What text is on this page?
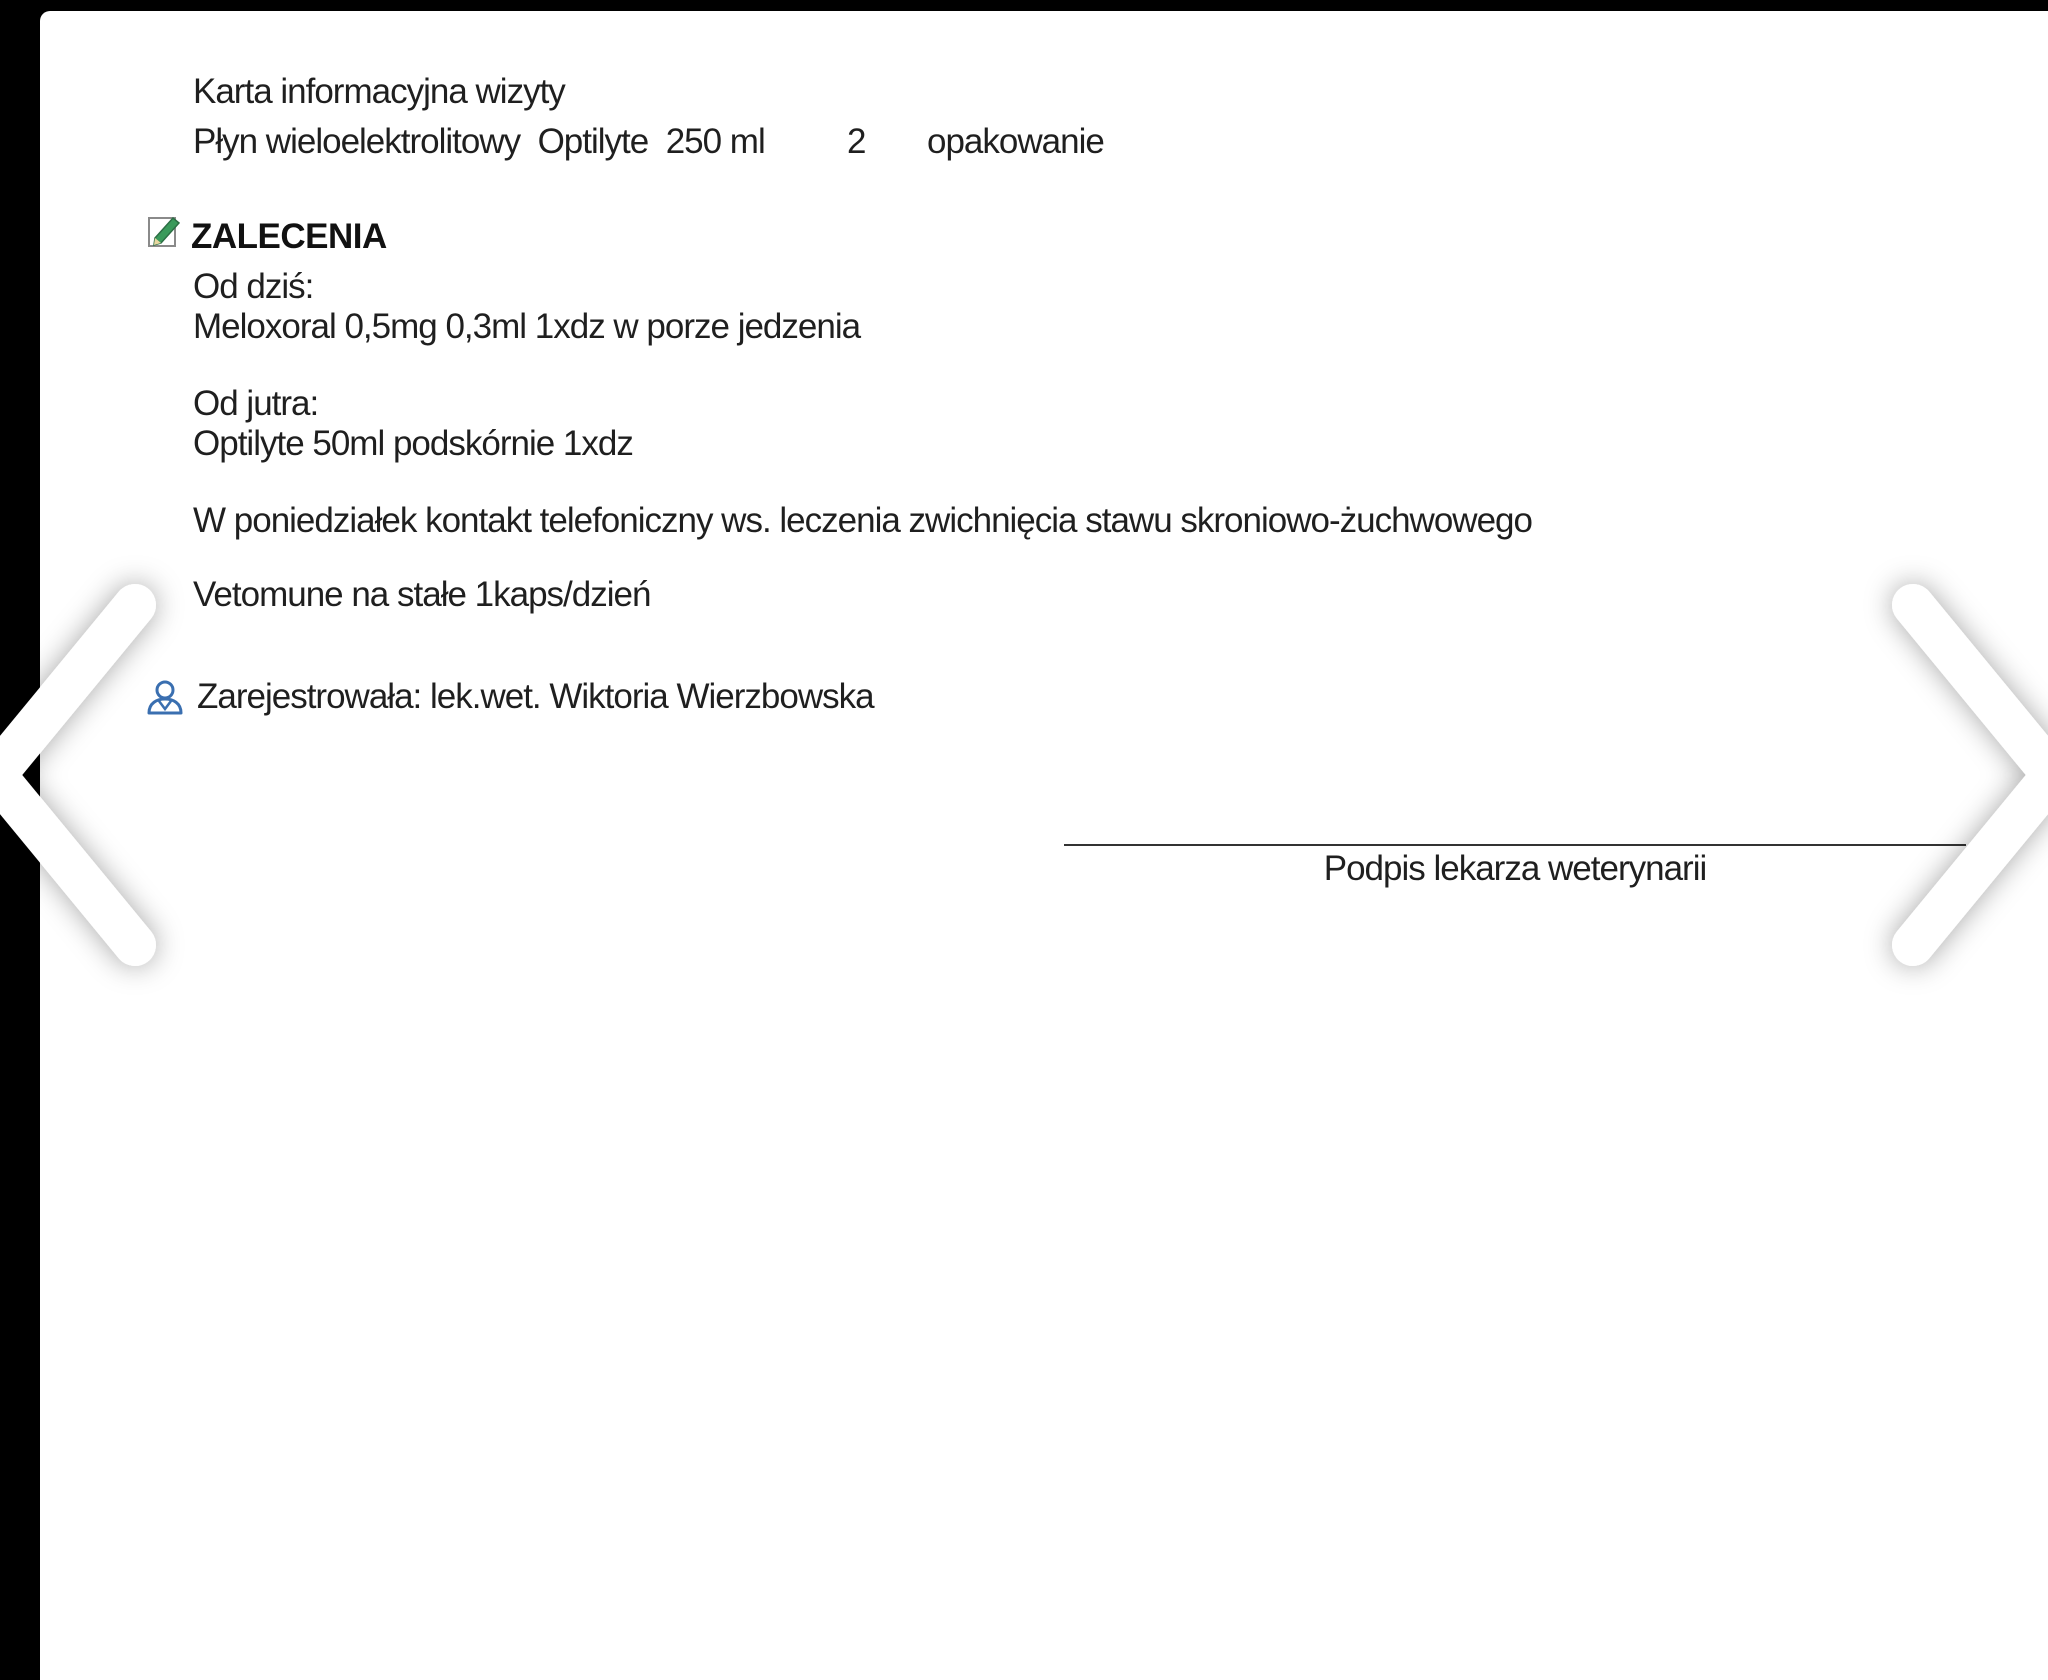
Karta informacyjna wizyty
Płyn wieloelektrolitowy  Optilyte  250 ml 2 opakowanie
ZALECENIA
Od dziś:
Meloxoral 0,5mg 0,3ml 1xdz w porze jedzenia
Od jutra:
Optilyte 50ml podskórnie 1xdz
W poniedziałek kontakt telefoniczny ws. leczenia zwichnięcia stawu skroniowo-żuchwowego
Vetomune na stałe 1kaps/dzień
Zarejestrowała: lek.wet. Wiktoria Wierzbowska
Podpis lekarza weterynarii
